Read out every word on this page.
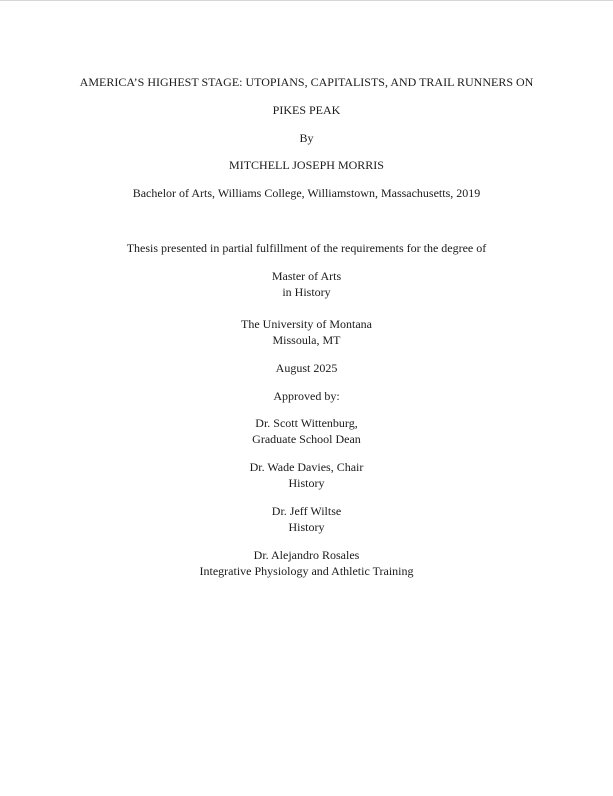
AMERICA’S HIGHEST STAGE: UTOPIANS, CAPITALISTS, AND TRAIL RUNNERS ON
PIKES PEAK
By
MITCHELL JOSEPH MORRIS
Bachelor of Arts, Williams College, Williamstown, Massachusetts, 2019
Thesis presented in partial fulfillment of the requirements for the degree of
Master of Arts
in History
The University of Montana
Missoula, MT
August 2025
Approved by:
Dr. Scott Wittenburg,
Graduate School Dean
Dr. Wade Davies, Chair
History
Dr. Jeff Wiltse
History
Dr. Alejandro Rosales
Integrative Physiology and Athletic Training
